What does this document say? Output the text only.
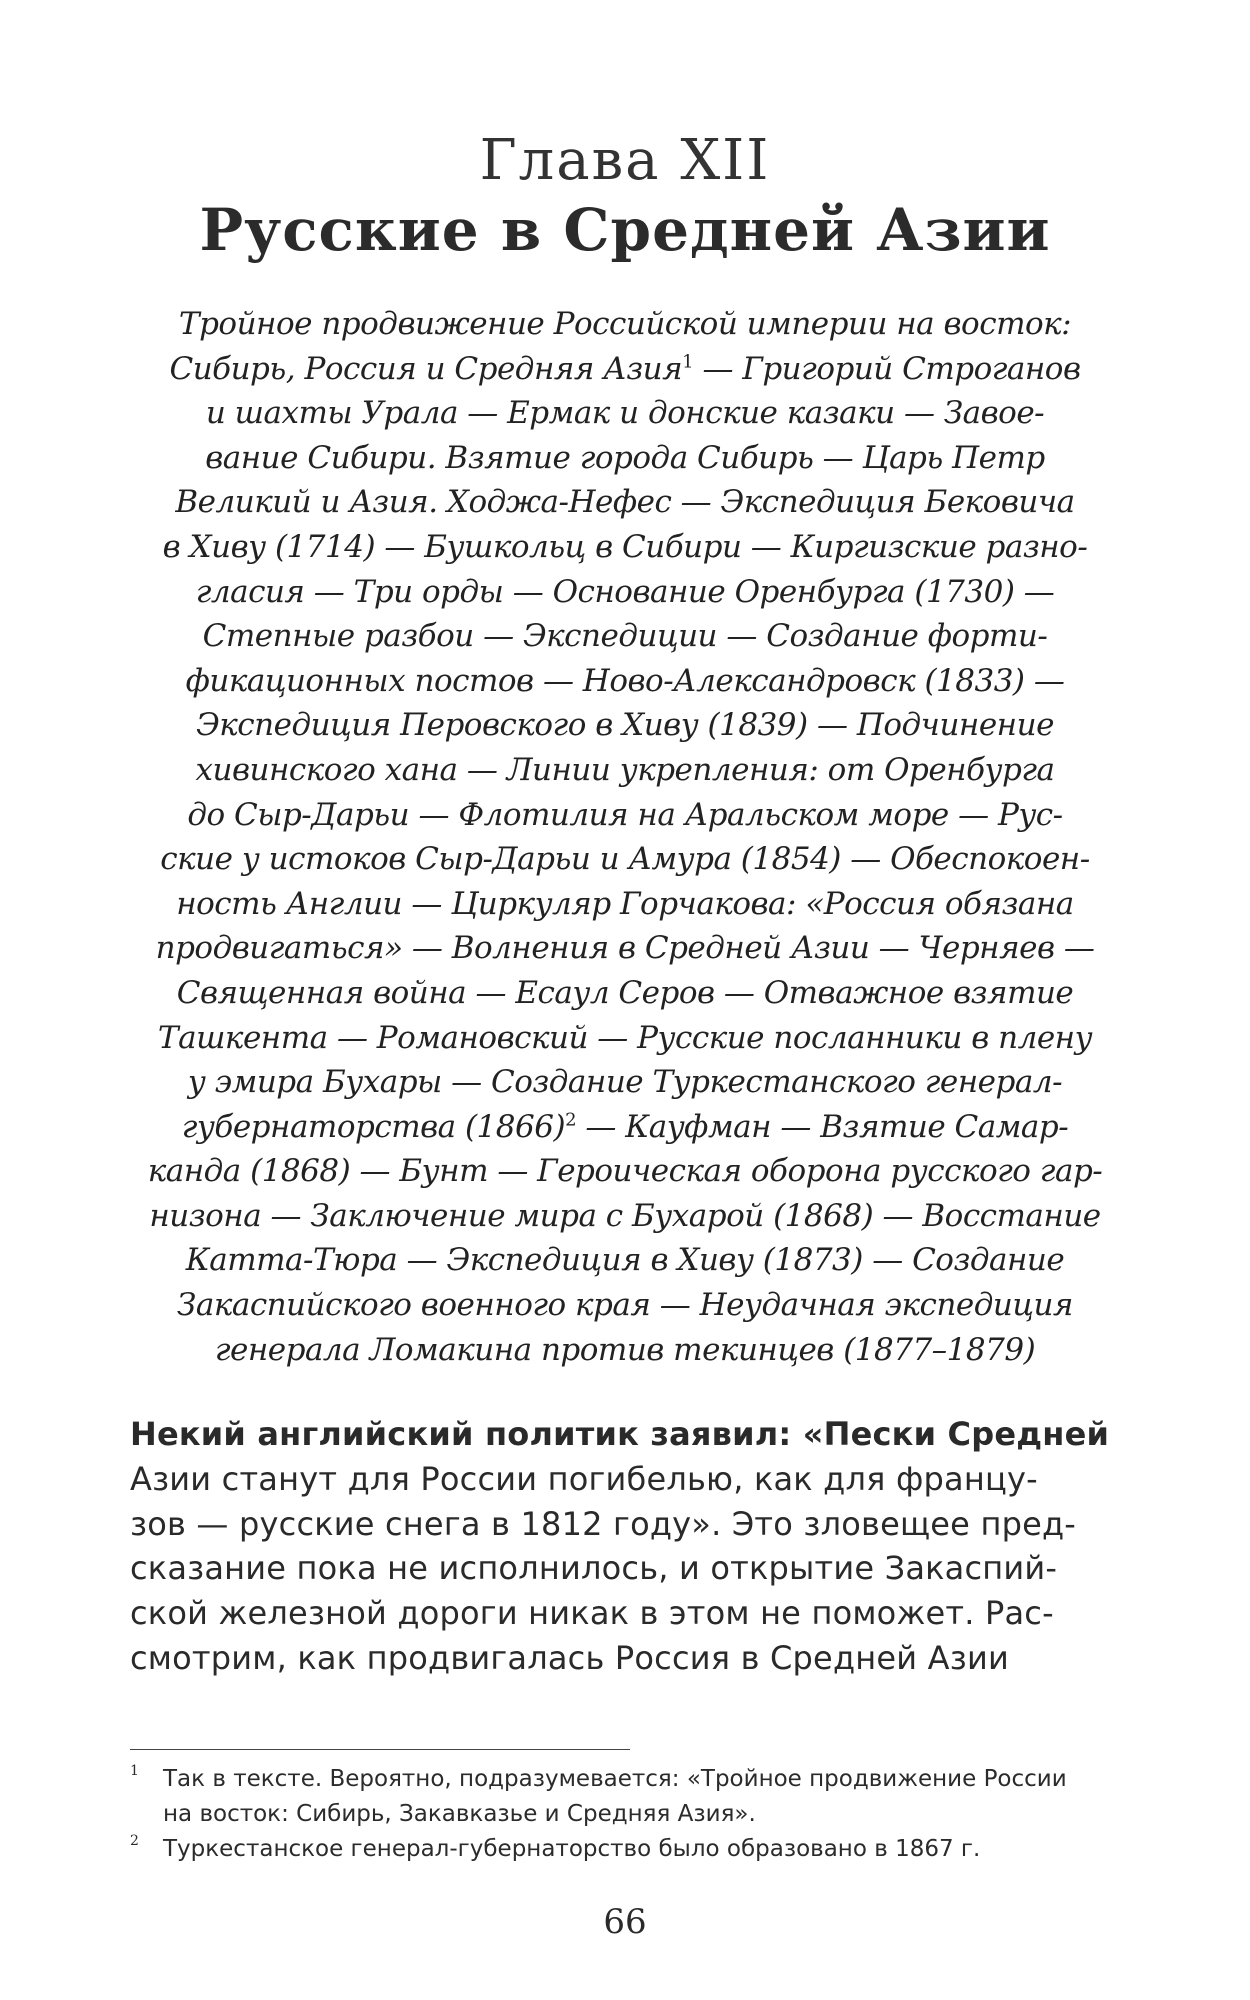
Глава XII
Русские в Средней Азии
Тройное продвижение Российской империи на восток:
Сибирь, Россия и Средняя Азия$^1$ — Григорий Строганов
и шахты Урала — Ермак и донские казаки — Завое-
вание Сибири. Взятие города Сибирь — Царь Петр
Великий и Азия. Ходжа-Нефес — Экспедиция Бековича
в Хиву (1714) — Бушкольц в Сибири — Киргизские разно-
гласия — Три орды — Основание Оренбурга (1730) —
Степные разбои — Экспедиции — Создание форти-
фикационных постов — Ново-Александровск (1833) —
Экспедиция Перовского в Хиву (1839) — Подчинение
хивинского хана — Линии укрепления: от Оренбурга
до Сыр-Дарьи — Флотилия на Аральском море — Рус-
ские у истоков Сыр-Дарьи и Амура (1854) — Обеспокоен-
ность Англии — Циркуляр Горчакова: «Россия обязана
продвигаться» — Волнения в Средней Азии — Черняев —
Священная война — Есаул Серов — Отважное взятие
Ташкента — Романовский — Русские посланники в плену
у эмира Бухары — Создание Туркестанского генерал-
губернаторства $(1866)^2$ — Кауфман — Взятие Самар-
канда (1868) — Бунт — Героическая оборона русского гар-
низона — Заключение мира с Бухарой (1868) — Восстание
Катта-Тюра — Экспедиция в Хиву (1873) — Создание
Закаспийского военного края — Неудачная экспедиция
генерала Ломакина против текинцев (1877–1879)
Некий английский политик заявил: «Пески Средней
Азии станут для России погибелью, как для францу-
зов — русские снега в 1812 году». Это зловещее пред-
сказание пока не исполнилось, и открытие Закаспий-
ской железной дороги никак в этом не поможет. Рас-
смотрим, как продвигалась Россия в Средней Азии
1 Так в тексте. Вероятно, подразумевается: «Тройное продвижение России
на восток: Сибирь, Закавказье и Средняя Азия».
2 Туркестанское генерал-губернаторство было образовано в 1867 г.
66
